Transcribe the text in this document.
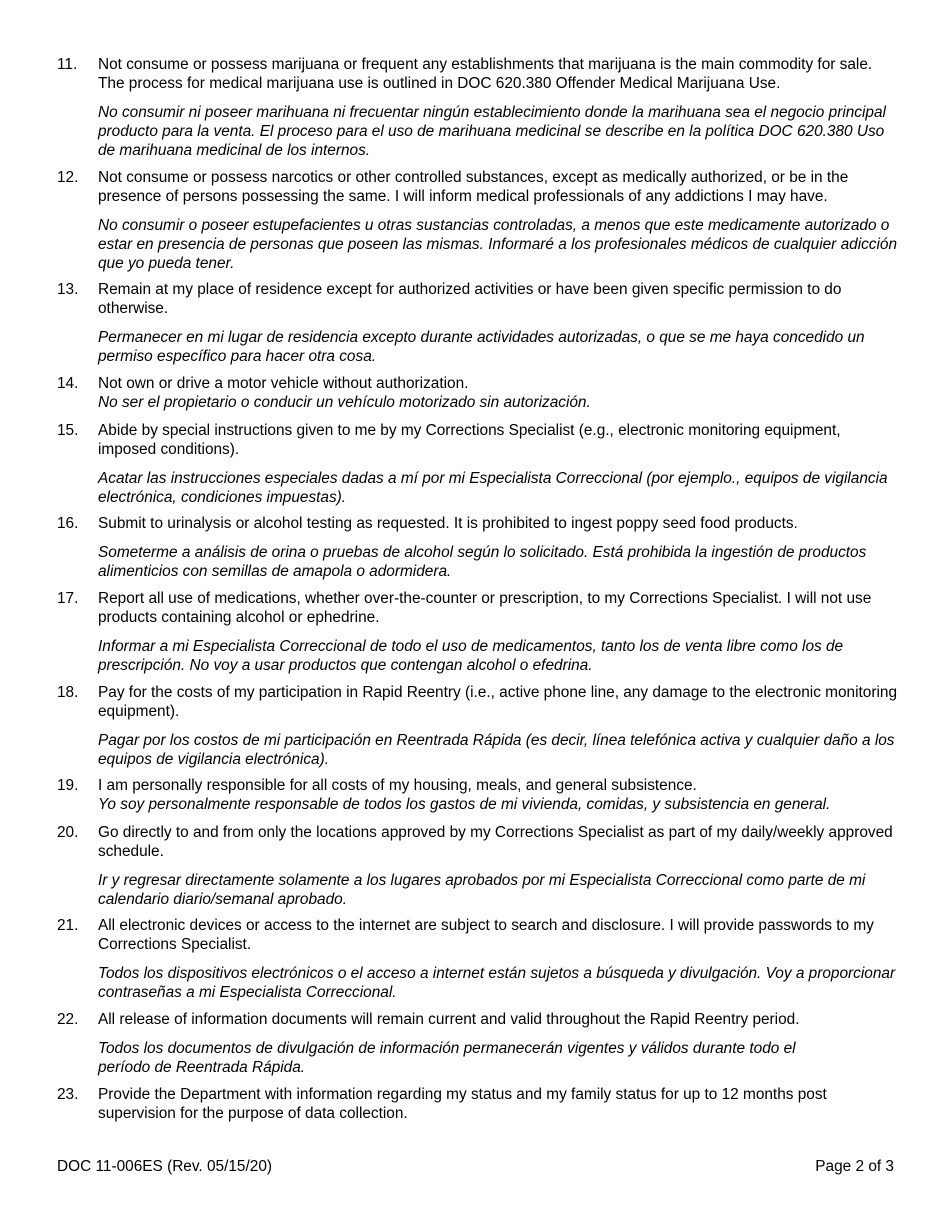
11.	Not consume or possess marijuana or frequent any establishments that marijuana is the main commodity for sale. The process for medical marijuana use is outlined in DOC 620.380 Offender Medical Marijuana Use.
No consumir ni poseer marihuana ni frecuentar ningún establecimiento donde la marihuana sea el negocio principal producto para la venta. El proceso para el uso de marihuana medicinal se describe en la política DOC 620.380 Uso de marihuana medicinal de los internos.
12.	Not consume or possess narcotics or other controlled substances, except as medically authorized, or be in the presence of persons possessing the same. I will inform medical professionals of any addictions I may have.
No consumir o poseer estupefacientes u otras sustancias controladas, a menos que este medicamente autorizado o estar en presencia de personas que poseen las mismas. Informaré a los profesionales médicos de cualquier adicción que yo pueda tener.
13.	Remain at my place of residence except for authorized activities or have been given specific permission to do otherwise.
Permanecer en mi lugar de residencia excepto durante actividades autorizadas, o que se me haya concedido un permiso específico para hacer otra cosa.
14.	Not own or drive a motor vehicle without authorization.
No ser el propietario o conducir un vehículo motorizado sin autorización.
15.	Abide by special instructions given to me by my Corrections Specialist (e.g., electronic monitoring equipment, imposed conditions).
Acatar las instrucciones especiales dadas a mí por mi Especialista Correccional (por ejemplo., equipos de vigilancia electrónica, condiciones impuestas).
16.	Submit to urinalysis or alcohol testing as requested. It is prohibited to ingest poppy seed food products.
Someterme a análisis de orina o pruebas de alcohol según lo solicitado. Está prohibida la ingestión de productos alimenticios con semillas de amapola o adormidera.
17.	Report all use of medications, whether over-the-counter or prescription, to my Corrections Specialist. I will not use products containing alcohol or ephedrine.
Informar a mi Especialista Correccional de todo el uso de medicamentos, tanto los de venta libre como los de prescripción. No voy a usar productos que contengan alcohol o efedrina.
18.	Pay for the costs of my participation in Rapid Reentry (i.e., active phone line, any damage to the electronic monitoring equipment).
Pagar por los costos de mi participación en Reentrada Rápida (es decir, línea telefónica activa y cualquier daño a los equipos de vigilancia electrónica).
19.	I am personally responsible for all costs of my housing, meals, and general subsistence.
Yo soy personalmente responsable de todos los gastos de mi vivienda, comidas, y subsistencia en general.
20.	Go directly to and from only the locations approved by my Corrections Specialist as part of my daily/weekly approved schedule.
Ir y regresar directamente solamente a los lugares aprobados por mi Especialista Correccional como parte de mi calendario diario/semanal aprobado.
21.	All electronic devices or access to the internet are subject to search and disclosure. I will provide passwords to my Corrections Specialist.
Todos los dispositivos electrónicos o el acceso a internet están sujetos a búsqueda y divulgación. Voy a proporcionar contraseñas a mi Especialista Correccional.
22.	All release of information documents will remain current and valid throughout the Rapid Reentry period.
Todos los documentos de divulgación de información permanecerán vigentes y válidos durante todo el período de Reentrada Rápida.
23.	Provide the Department with information regarding my status and my family status for up to 12 months post supervision for the purpose of data collection.
DOC 11-006ES (Rev. 05/15/20)	Page 2 of 3
